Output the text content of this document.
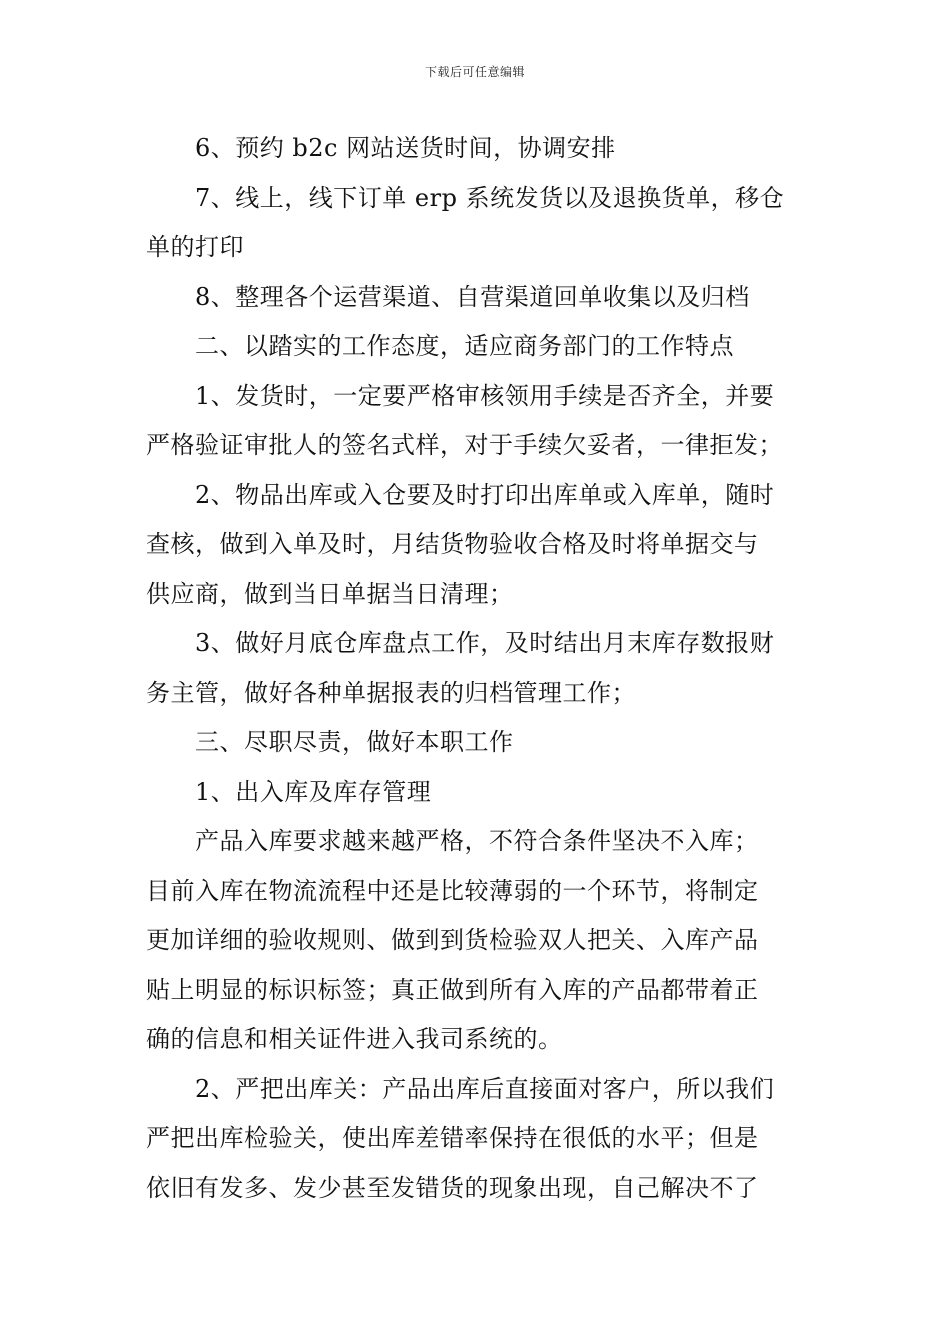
下载后可任意编辑
6、预约 b2c 网站送货时间，协调安排
7、线上，线下订单 erp 系统发货以及退换货单，移仓
单的打印
8、整理各个运营渠道、自营渠道回单收集以及归档
二、以踏实的工作态度，适应商务部门的工作特点
1、发货时，一定要严格审核领用手续是否齐全，并要
严格验证审批人的签名式样，对于手续欠妥者，一律拒发；
2、物品出库或入仓要及时打印出库单或入库单，随时
查核，做到入单及时，月结货物验收合格及时将单据交与
供应商，做到当日单据当日清理；
3、做好月底仓库盘点工作，及时结出月末库存数报财
务主管，做好各种单据报表的归档管理工作；
三、尽职尽责，做好本职工作
1、出入库及库存管理
产品入库要求越来越严格，不符合条件坚决不入库；
目前入库在物流流程中还是比较薄弱的一个环节，将制定
更加详细的验收规则、做到到货检验双人把关、入库产品
贴上明显的标识标签；真正做到所有入库的产品都带着正
确的信息和相关证件进入我司系统的。
2、严把出库关：产品出库后直接面对客户，所以我们
严把出库检验关，使出库差错率保持在很低的水平；但是
依旧有发多、发少甚至发错货的现象出现，自己解决不了
